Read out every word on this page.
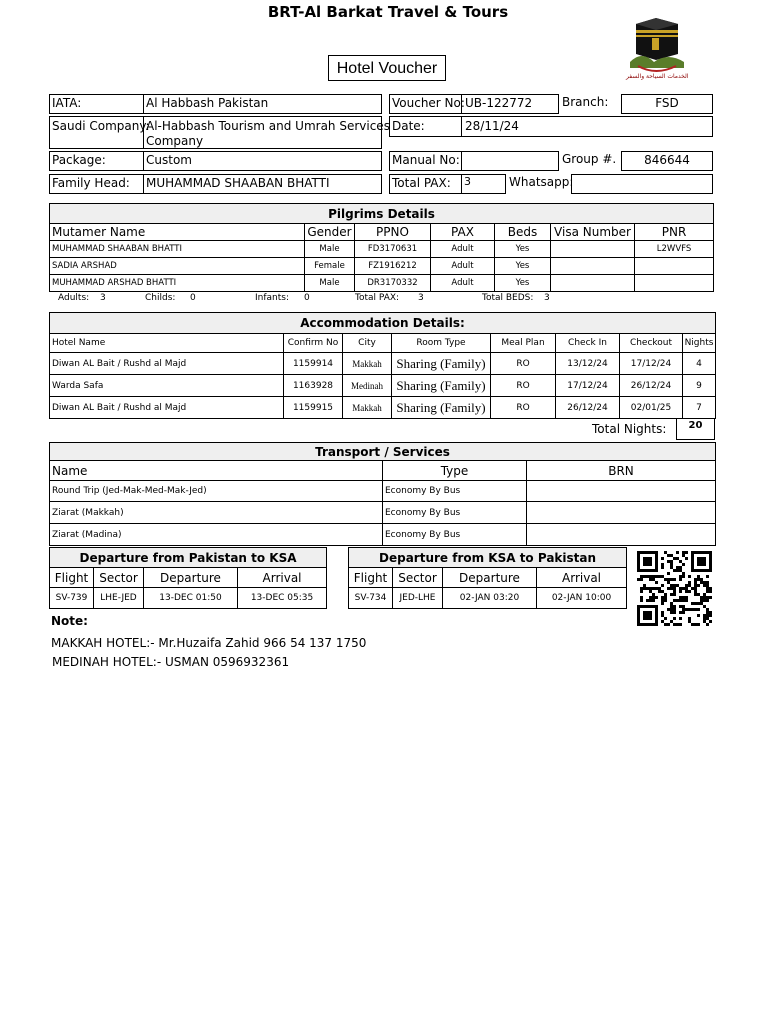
BRT-Al Barkat Travel & Tours
الخدمات السياحة والسفر
Hotel Voucher
IATA:	Al Habbash Pakistan
Saudi Company:
Al-Habbash Tourism and Umrah Services
Company
Package:	Custom
Family Head: MUHAMMAD SHAABAN BHATTI
Voucher No: UB-122772 Branch:	FSD
Date:	28/11/24
Manual No:	Group #.	846644
Total PAX: 3	Whatsapp:
Pilgrims Details						
Mutamer Name	Gender	PPNO	PAX	Beds	Visa Number	PNR
MUHAMMAD SHAABAN BHATTI	Male	FD3170631	Adult	Yes		L2WVFS
SADIA ARSHAD	Female	FZ1916212	Adult	Yes		
MUHAMMAD ARSHAD BHATTI	Male	DR3170332	Adult	Yes		
Adults: 3	Childs: 0	Infants: 0	Total PAX: 3	Total BEDS: 3
Accommodation Details:							
Hotel Name	Confirm No	City	Room Type	Meal Plan	Check In	Checkout	Nights
Diwan AL Bait / Rushd al Majd	1159914	Makkah	Sharing (Family)	RO	13/12/24	17/12/24	4
Warda Safa	1163928	Medinah	Sharing (Family)	RO	17/12/24	26/12/24	9
Diwan AL Bait / Rushd al Majd	1159915	Makkah	Sharing (Family)	RO	26/12/24	02/01/25	7
Total Nights:	20
Transport / Services		
Name	Type	BRN
Round Trip (Jed-Mak-Med-Mak-Jed)	Economy By Bus	
Ziarat (Makkah)	Economy By Bus	
Ziarat (Madina)	Economy By Bus	
Departure from Pakistan to KSA			
Flight	Sector	Departure	Arrival
SV-739	LHE-JED	13-DEC 01:50	13-DEC 05:35
Departure from KSA to Pakistan			
Flight	Sector	Departure	Arrival
SV-734	JED-LHE	02-JAN 03:20	02-JAN 10:00
Note:
MAKKAH HOTEL:- Mr.Huzaifa Zahid 966 54 137 1750
MEDINAH HOTEL:- USMAN 0596932361
